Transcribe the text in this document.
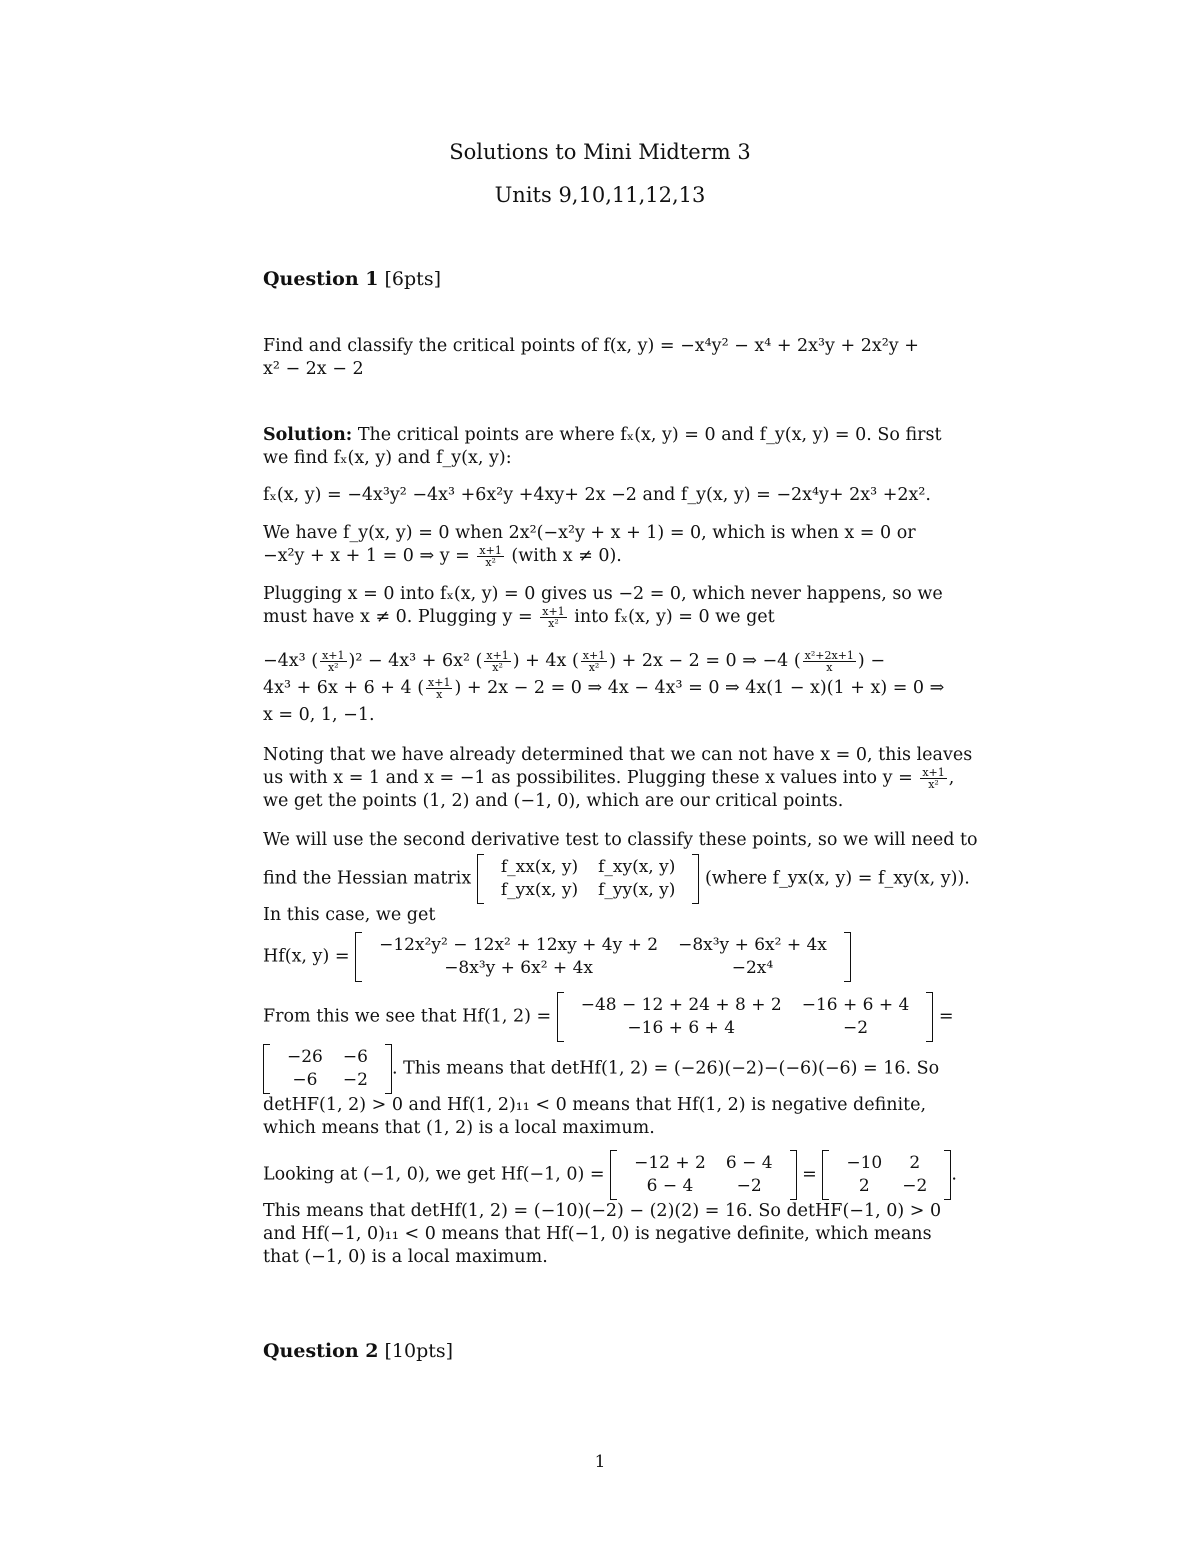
Solutions to Mini Midterm 3
Units 9,10,11,12,13
Question 1 [6pts]
Find and classify the critical points of f(x, y) = −x⁴y² − x⁴ + 2x³y + 2x²y +
x² − 2x − 2
Solution: The critical points are where fₓ(x, y) = 0 and f_y(x, y) = 0. So first
we find fₓ(x, y) and f_y(x, y):
fₓ(x, y) = −4x³y² −4x³ +6x²y +4xy+ 2x −2 and f_y(x, y) = −2x⁴y+ 2x³ +2x².
We have f_y(x, y) = 0 when 2x²(−x²y + x + 1) = 0, which is when x = 0 or
−x²y + x + 1 = 0 ⇒ $y = \frac{x+1}{\text{x²}}$ (with x ≠ 0).
Plugging x = 0 into fₓ(x, y) = 0 gives us −2 = 0, which never happens, so we
must have x ≠ 0. Plugging $y = \frac{x+1}{\text{x²}}$ into fₓ(x, y) = 0 we get
−4x³ ( $\frac{x+1}{\text{x²}} )^2 - 4x^3 + 6x^2$ ( $\frac{x+1}{\text{x²}}$ ) + 4x ( $\frac{x+1}{\text{x²}}$ ) + 2x − 2 = 0 ⇒ −4 ( $\frac{\text{x²+2x+1}}{x}$ ) −
4x³ + 6x + 6 + 4 ( $\frac{x+1}{x}$ ) + 2x − 2 = 0 ⇒ 4x − 4x³ = 0 ⇒ 4x(1 − x)(1 + x) = 0 ⇒
x = 0, 1, −1.
Noting that we have already determined that we can not have x = 0, this leaves
us with x = 1 and x = −1 as possibilites. Plugging these x values into $y = \frac{x+1}{\text{x²}}$ ,
we get the points (1, 2) and (−1, 0), which are our critical points.
We will use the second derivative test to classify these points, so we will need to
find the Hessian matrix
f_xx(x, y)	f_xy(x, y)
f_yx(x, y)	f_yy(x, y)
(where f_yx(x, y) = f_xy(x, y)).
In this case, we get
Hf(x, y) =
−12x²y² − 12x² + 12xy + 4y + 2	−8x³y + 6x² + 4x
−8x³y + 6x² + 4x	−2x⁴
From this we see that Hf(1, 2) =
−48 − 12 + 24 + 8 + 2	−16 + 6 + 4
−16 + 6 + 4	−2
=
−26	−6
−6	−2
. This means that detHf(1, 2) = (−26)(−2)−(−6)(−6) = 16. So
detHF(1, 2) > 0 and Hf(1, 2)₁₁ < 0 means that Hf(1, 2) is negative definite,
which means that (1, 2) is a local maximum.
Looking at (−1, 0), we get Hf(−1, 0) =
−12 + 2	6 − 4
6 − 4	−2
=
−10	2
2	−2
.
This means that detHf(1, 2) = (−10)(−2) − (2)(2) = 16. So detHF(−1, 0) > 0
and Hf(−1, 0)₁₁ < 0 means that Hf(−1, 0) is negative definite, which means
that (−1, 0) is a local maximum.
Question 2 [10pts]
1
